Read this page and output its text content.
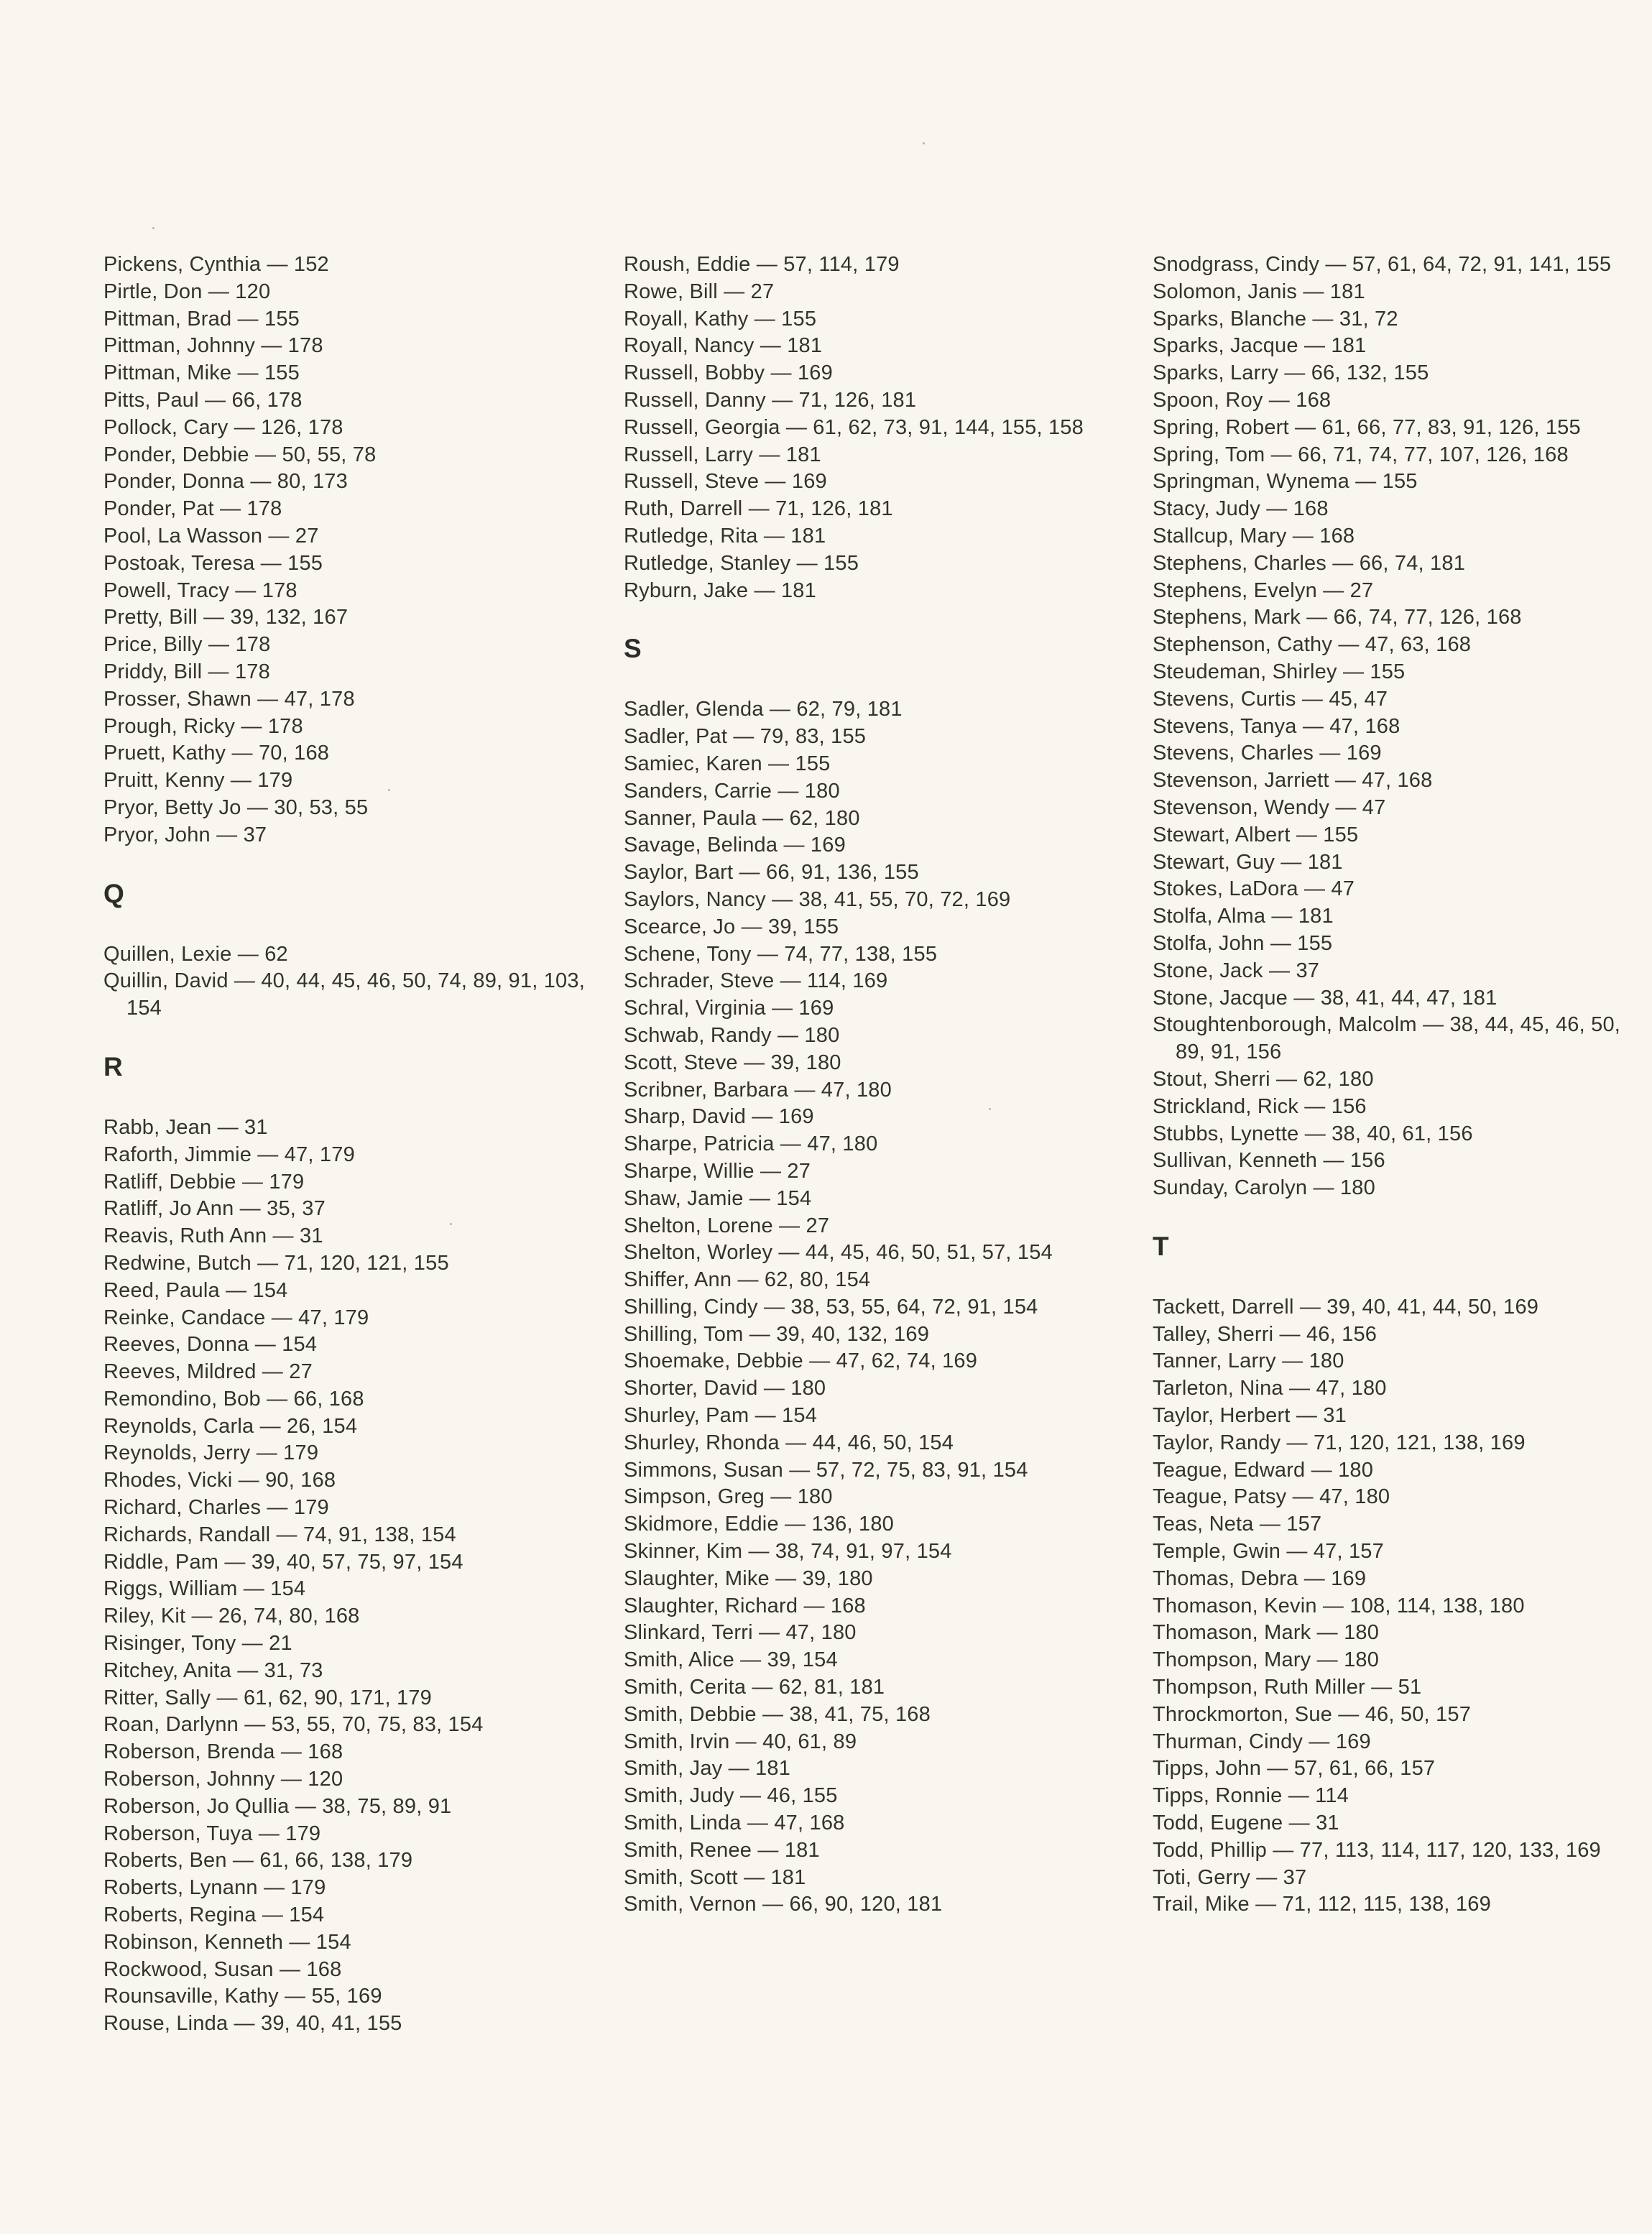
Pickens, Cynthia — 152
Pirtle, Don — 120
Pittman, Brad — 155
Pittman, Johnny — 178
Pittman, Mike — 155
Pitts, Paul — 66, 178
Pollock, Cary — 126, 178
Ponder, Debbie — 50, 55, 78
Ponder, Donna — 80, 173
Ponder, Pat — 178
Pool, La Wasson — 27
Postoak, Teresa — 155
Powell, Tracy — 178
Pretty, Bill — 39, 132, 167
Price, Billy — 178
Priddy, Bill — 178
Prosser, Shawn — 47, 178
Prough, Ricky — 178
Pruett, Kathy — 70, 168
Pruitt, Kenny — 179
Pryor, Betty Jo — 30, 53, 55
Pryor, John — 37
Q
Quillen, Lexie — 62
Quillin, David — 40, 44, 45, 46, 50, 74, 89, 91, 103, 154
R
Rabb, Jean — 31
Raforth, Jimmie — 47, 179
Ratliff, Debbie — 179
Ratliff, Jo Ann — 35, 37
Reavis, Ruth Ann — 31
Redwine, Butch — 71, 120, 121, 155
Reed, Paula — 154
Reinke, Candace — 47, 179
Reeves, Donna — 154
Reeves, Mildred — 27
Remondino, Bob — 66, 168
Reynolds, Carla — 26, 154
Reynolds, Jerry — 179
Rhodes, Vicki — 90, 168
Richard, Charles — 179
Richards, Randall — 74, 91, 138, 154
Riddle, Pam — 39, 40, 57, 75, 97, 154
Riggs, William — 154
Riley, Kit — 26, 74, 80, 168
Risinger, Tony — 21
Ritchey, Anita — 31, 73
Ritter, Sally — 61, 62, 90, 171, 179
Roan, Darlynn — 53, 55, 70, 75, 83, 154
Roberson, Brenda — 168
Roberson, Johnny — 120
Roberson, Jo Qullia — 38, 75, 89, 91
Roberson, Tuya — 179
Roberts, Ben — 61, 66, 138, 179
Roberts, Lynann — 179
Roberts, Regina — 154
Robinson, Kenneth — 154
Rockwood, Susan — 168
Rounsaville, Kathy — 55, 169
Rouse, Linda — 39, 40, 41, 155
Roush, Eddie — 57, 114, 179
Rowe, Bill — 27
Royall, Kathy — 155
Royall, Nancy — 181
Russell, Bobby — 169
Russell, Danny — 71, 126, 181
Russell, Georgia — 61, 62, 73, 91, 144, 155, 158
Russell, Larry — 181
Russell, Steve — 169
Ruth, Darrell — 71, 126, 181
Rutledge, Rita — 181
Rutledge, Stanley — 155
Ryburn, Jake — 181
S
Sadler, Glenda — 62, 79, 181
Sadler, Pat — 79, 83, 155
Samiec, Karen — 155
Sanders, Carrie — 180
Sanner, Paula — 62, 180
Savage, Belinda — 169
Saylor, Bart — 66, 91, 136, 155
Saylors, Nancy — 38, 41, 55, 70, 72, 169
Scearce, Jo — 39, 155
Schene, Tony — 74, 77, 138, 155
Schrader, Steve — 114, 169
Schral, Virginia — 169
Schwab, Randy — 180
Scott, Steve — 39, 180
Scribner, Barbara — 47, 180
Sharp, David — 169
Sharpe, Patricia — 47, 180
Sharpe, Willie — 27
Shaw, Jamie — 154
Shelton, Lorene — 27
Shelton, Worley — 44, 45, 46, 50, 51, 57, 154
Shiffer, Ann — 62, 80, 154
Shilling, Cindy — 38, 53, 55, 64, 72, 91, 154
Shilling, Tom — 39, 40, 132, 169
Shoemake, Debbie — 47, 62, 74, 169
Shorter, David — 180
Shurley, Pam — 154
Shurley, Rhonda — 44, 46, 50, 154
Simmons, Susan — 57, 72, 75, 83, 91, 154
Simpson, Greg — 180
Skidmore, Eddie — 136, 180
Skinner, Kim — 38, 74, 91, 97, 154
Slaughter, Mike — 39, 180
Slaughter, Richard — 168
Slinkard, Terri — 47, 180
Smith, Alice — 39, 154
Smith, Cerita — 62, 81, 181
Smith, Debbie — 38, 41, 75, 168
Smith, Irvin — 40, 61, 89
Smith, Jay — 181
Smith, Judy — 46, 155
Smith, Linda — 47, 168
Smith, Renee — 181
Smith, Scott — 181
Smith, Vernon — 66, 90, 120, 181
Snodgrass, Cindy — 57, 61, 64, 72, 91, 141, 155
Solomon, Janis — 181
Sparks, Blanche — 31, 72
Sparks, Jacque — 181
Sparks, Larry — 66, 132, 155
Spoon, Roy — 168
Spring, Robert — 61, 66, 77, 83, 91, 126, 155
Spring, Tom — 66, 71, 74, 77, 107, 126, 168
Springman, Wynema — 155
Stacy, Judy — 168
Stallcup, Mary — 168
Stephens, Charles — 66, 74, 181
Stephens, Evelyn — 27
Stephens, Mark — 66, 74, 77, 126, 168
Stephenson, Cathy — 47, 63, 168
Steudeman, Shirley — 155
Stevens, Curtis — 45, 47
Stevens, Tanya — 47, 168
Stevens, Charles — 169
Stevenson, Jarriett — 47, 168
Stevenson, Wendy — 47
Stewart, Albert — 155
Stewart, Guy — 181
Stokes, LaDora — 47
Stolfa, Alma — 181
Stolfa, John — 155
Stone, Jack — 37
Stone, Jacque — 38, 41, 44, 47, 181
Stoughtenborough, Malcolm — 38, 44, 45, 46, 50, 89, 91, 156
Stout, Sherri — 62, 180
Strickland, Rick — 156
Stubbs, Lynette — 38, 40, 61, 156
Sullivan, Kenneth — 156
Sunday, Carolyn — 180
T
Tackett, Darrell — 39, 40, 41, 44, 50, 169
Talley, Sherri — 46, 156
Tanner, Larry — 180
Tarleton, Nina — 47, 180
Taylor, Herbert — 31
Taylor, Randy — 71, 120, 121, 138, 169
Teague, Edward — 180
Teague, Patsy — 47, 180
Teas, Neta — 157
Temple, Gwin — 47, 157
Thomas, Debra — 169
Thomason, Kevin — 108, 114, 138, 180
Thomason, Mark — 180
Thompson, Mary — 180
Thompson, Ruth Miller — 51
Throckmorton, Sue — 46, 50, 157
Thurman, Cindy — 169
Tipps, John — 57, 61, 66, 157
Tipps, Ronnie — 114
Todd, Eugene — 31
Todd, Phillip — 77, 113, 114, 117, 120, 133, 169
Toti, Gerry — 37
Trail, Mike — 71, 112, 115, 138, 169
